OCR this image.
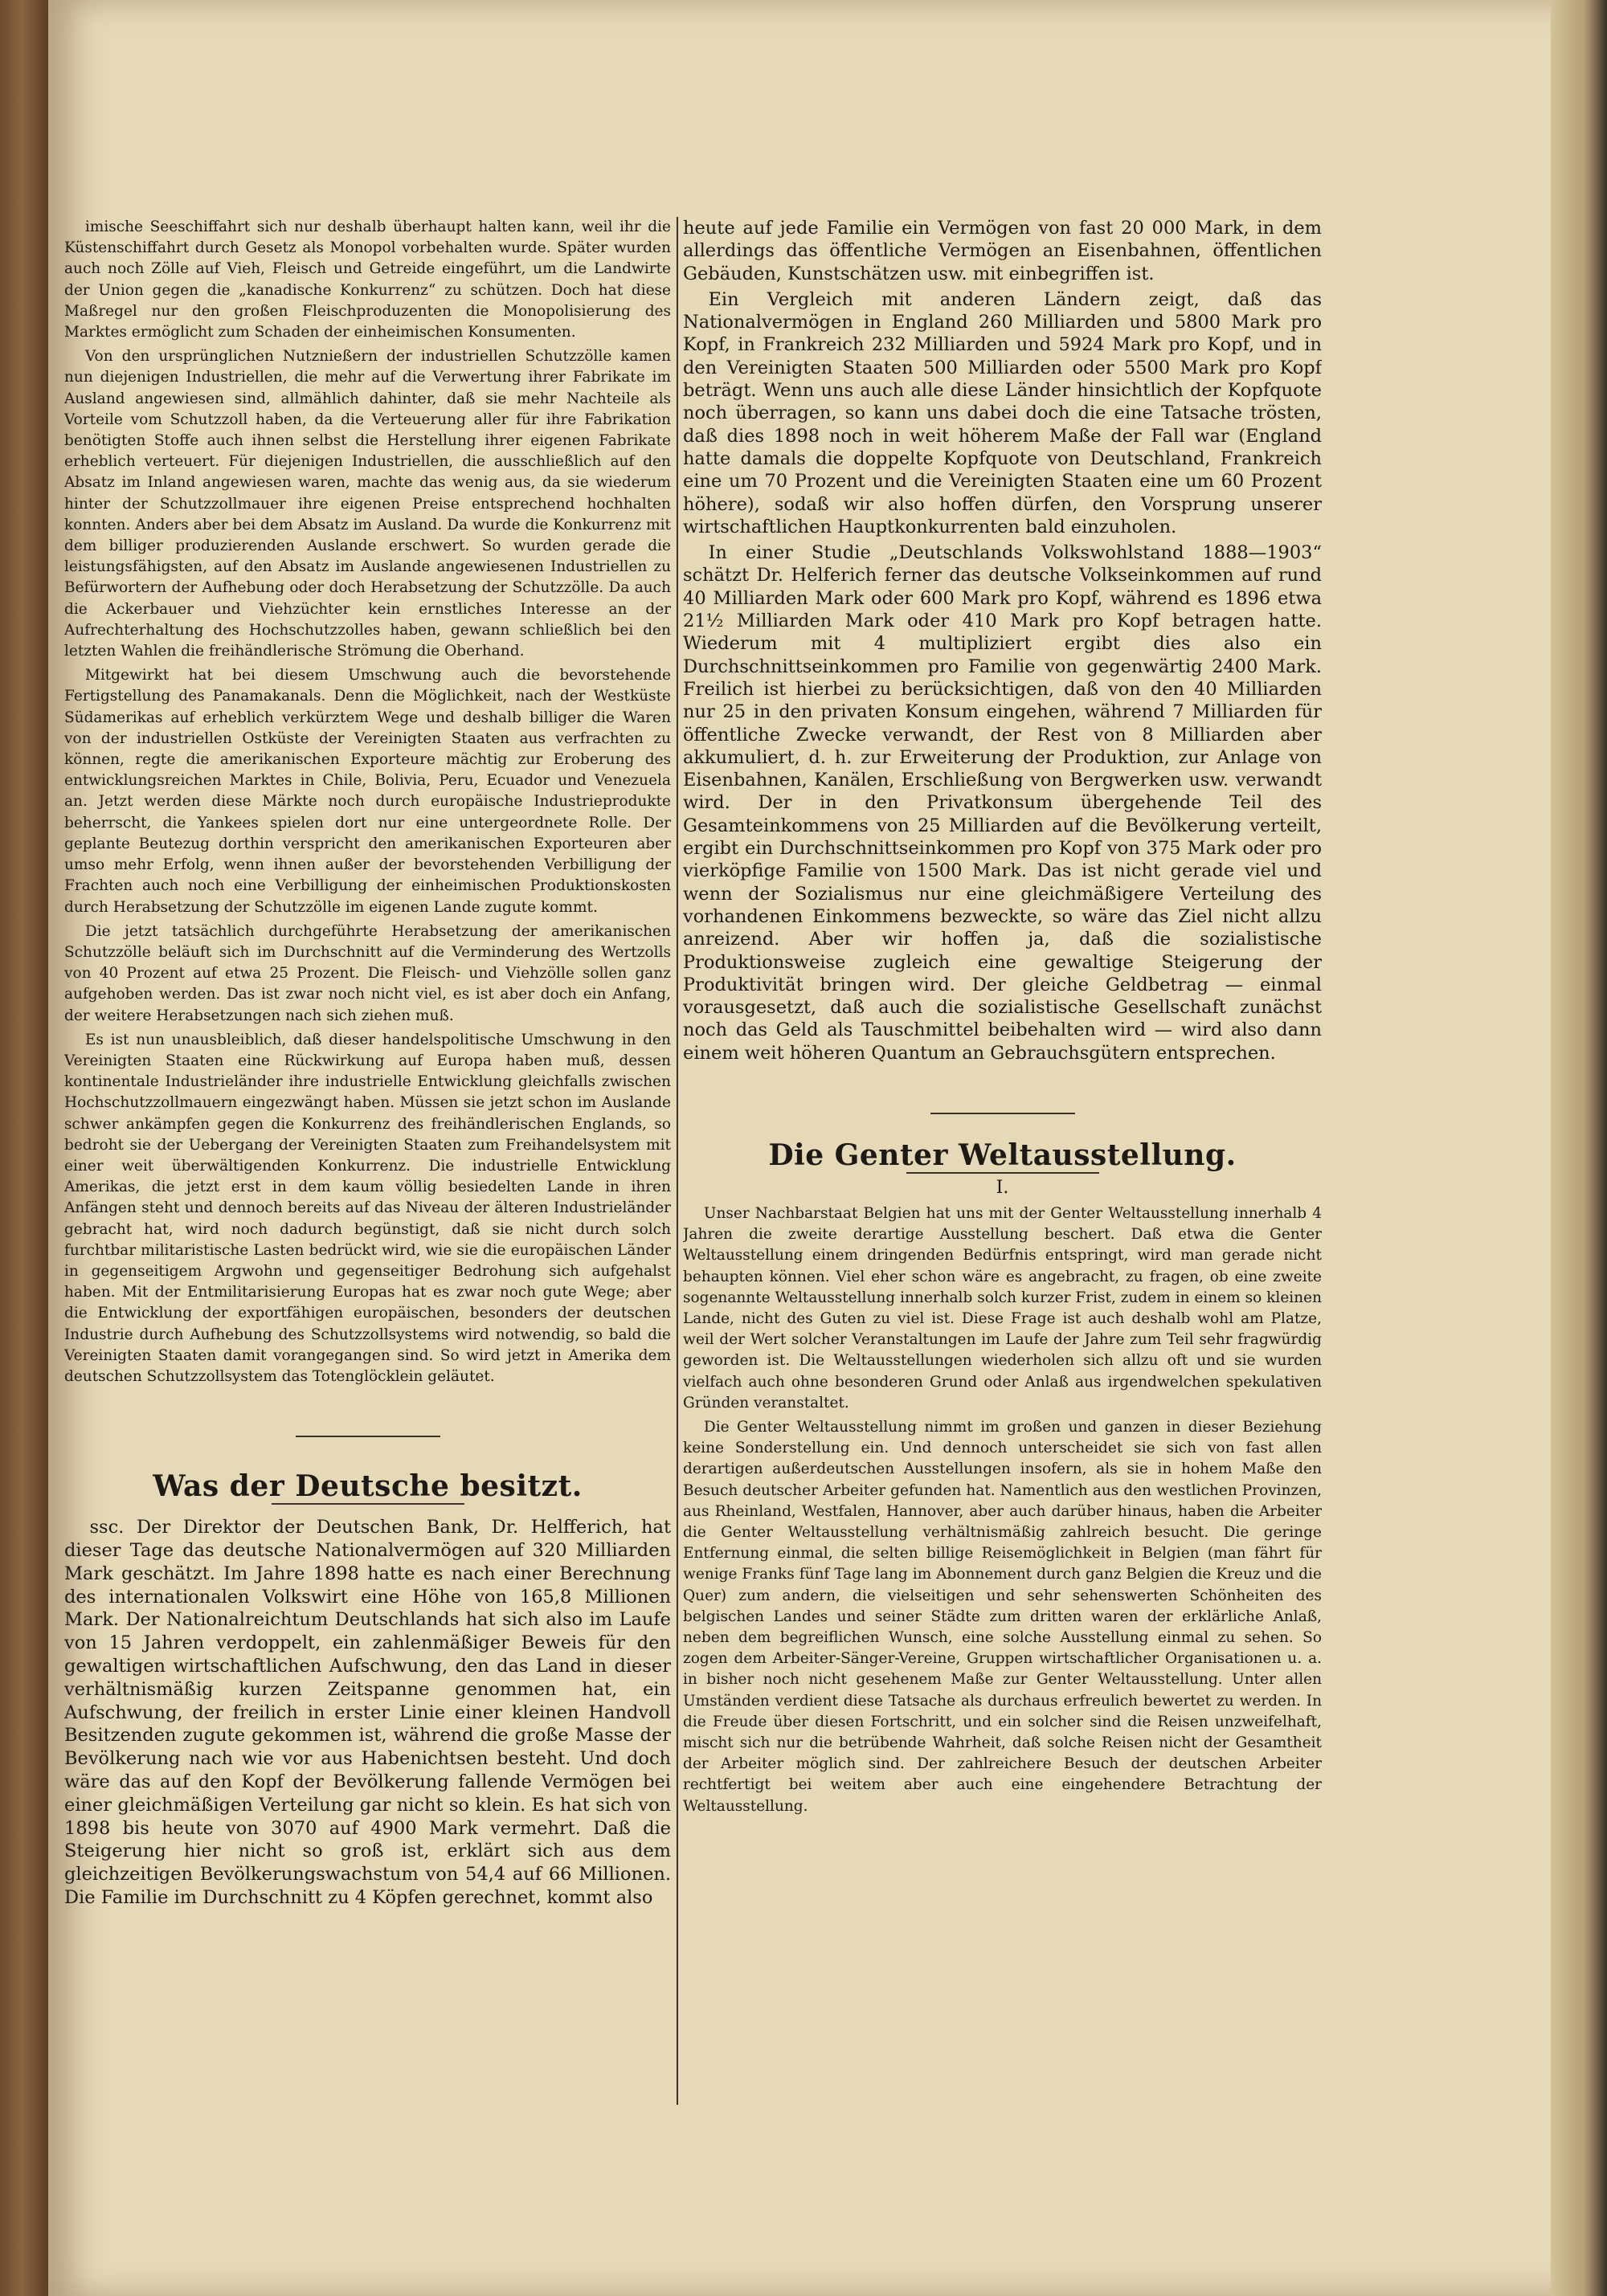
imische Seeschiffahrt sich nur deshalb überhaupt halten kann, weil ihr die Küstenschiffahrt durch Gesetz als Monopol vorbehalten wurde. Später wurden auch noch Zölle auf Vieh, Fleisch und Getreide eingeführt, um die Landwirte der Union gegen die „kanadische Konkurrenz“ zu schützen. Doch hat diese Maßregel nur den großen Fleischproduzenten die Monopolisierung des Marktes ermöglicht zum Schaden der einheimischen Konsumenten.

Von den ursprünglichen Nutznießern der industriellen Schutzzölle kamen nun diejenigen Industriellen, die mehr auf die Verwertung ihrer Fabrikate im Ausland angewiesen sind, allmählich dahinter, daß sie mehr Nachteile als Vorteile vom Schutzzoll haben, da die Verteuerung aller für ihre Fabrikation benötigten Stoffe auch ihnen selbst die Herstellung ihrer eigenen Fabrikate erheblich verteuert. Für diejenigen Industriellen, die ausschließlich auf den Absatz im Inland angewiesen waren, machte das wenig aus, da sie wiederum hinter der Schutzzollmauer ihre eigenen Preise entsprechend hochhalten konnten. Anders aber bei dem Absatz im Ausland. Da wurde die Konkurrenz mit dem billiger produzierenden Auslande erschwert. So wurden gerade die leistungsfähigsten, auf den Absatz im Auslande angewiesenen Industriellen zu Befürwortern der Aufhebung oder doch Herabsetzung der Schutzzölle. Da auch die Ackerbauer und Viehzüchter kein ernstliches Interesse an der Aufrechterhaltung des Hochschutzzolles haben, gewann schließlich bei den letzten Wahlen die freihändlerische Strömung die Oberhand.

Mitgewirkt hat bei diesem Umschwung auch die bevorstehende Fertigstellung des Panamakanals. Denn die Möglichkeit, nach der Westküste Südamerikas auf erheblich verkürztem Wege und deshalb billiger die Waren von der industriellen Ostküste der Vereinigten Staaten aus verfrachten zu können, regte die amerikanischen Exporteure mächtig zur Eroberung des entwicklungsreichen Marktes in Chile, Bolivia, Peru, Ecuador und Venezuela an. Jetzt werden diese Märkte noch durch europäische Industrieprodukte beherrscht, die Yankees spielen dort nur eine untergeordnete Rolle. Der geplante Beutezug dorthin verspricht den amerikanischen Exporteuren aber umso mehr Erfolg, wenn ihnen außer der bevorstehenden Verbilligung der Frachten auch noch eine Verbilligung der einheimischen Produktionskosten durch Herabsetzung der Schutzzölle im eigenen Lande zugute kommt.

Die jetzt tatsächlich durchgeführte Herabsetzung der amerikanischen Schutzzölle beläuft sich im Durchschnitt auf die Verminderung des Wertzolls von 40 Prozent auf etwa 25 Prozent. Die Fleisch- und Viehzölle sollen ganz aufgehoben werden. Das ist zwar noch nicht viel, es ist aber doch ein Anfang, der weitere Herabsetzungen nach sich ziehen muß.

Es ist nun unausbleiblich, daß dieser handelspolitische Umschwung in den Vereinigten Staaten eine Rückwirkung auf Europa haben muß, dessen kontinentale Industrieländer ihre industrielle Entwicklung gleichfalls zwischen Hochschutzzollmauern eingezwängt haben. Müssen sie jetzt schon im Auslande schwer ankämpfen gegen die Konkurrenz des freihändlerischen Englands, so bedroht sie der Uebergang der Vereinigten Staaten zum Freihandelsystem mit einer weit überwältigenden Konkurrenz. Die industrielle Entwicklung Amerikas, die jetzt erst in dem kaum völlig besiedelten Lande in ihren Anfängen steht und dennoch bereits auf das Niveau der älteren Industrieländer gebracht hat, wird noch dadurch begünstigt, daß sie nicht durch solch furchtbar militaristische Lasten bedrückt wird, wie sie die europäischen Länder in gegenseitigem Argwohn und gegenseitiger Bedrohung sich aufgehalst haben. Mit der Entmilitarisierung Europas hat es zwar noch gute Wege; aber die Entwicklung der exportfähigen europäischen, besonders der deutschen Industrie durch Aufhebung des Schutzzollsystems wird notwendig, so bald die Vereinigten Staaten damit vorangegangen sind. So wird jetzt in Amerika dem deutschen Schutzzollsystem das Totenglöcklein geläutet.

Was der Deutsche besitzt.

ssc. Der Direktor der Deutschen Bank, Dr. Helfferich, hat dieser Tage das deutsche Nationalvermögen auf 320 Milliarden Mark geschätzt. Im Jahre 1898 hatte es nach einer Berechnung des internationalen Volkswirt eine Höhe von 165,8 Millionen Mark. Der Nationalreichtum Deutschlands hat sich also im Laufe von 15 Jahren verdoppelt, ein zahlenmäßiger Beweis für den gewaltigen wirtschaftlichen Aufschwung, den das Land in dieser verhältnismäßig kurzen Zeitspanne genommen hat, ein Aufschwung, der freilich in erster Linie einer kleinen Handvoll Besitzenden zugute gekommen ist, während die große Masse der Bevölkerung nach wie vor aus Habenichtsen besteht. Und doch wäre das auf den Kopf der Bevölkerung fallende Vermögen bei einer gleichmäßigen Verteilung gar nicht so klein. Es hat sich von 1898 bis heute von 3070 auf 4900 Mark vermehrt. Daß die Steigerung hier nicht so groß ist, erklärt sich aus dem gleichzeitigen Bevölkerungswachstum von 54,4 auf 66 Millionen. Die Familie im Durchschnitt zu 4 Köpfen gerechnet, kommt also

heute auf jede Familie ein Vermögen von fast 20 000 Mark, in dem allerdings das öffentliche Vermögen an Eisenbahnen, öffentlichen Gebäuden, Kunstschätzen usw. mit einbegriffen ist.

Ein Vergleich mit anderen Ländern zeigt, daß das Nationalvermögen in England 260 Milliarden und 5800 Mark pro Kopf, in Frankreich 232 Milliarden und 5924 Mark pro Kopf, und in den Vereinigten Staaten 500 Milliarden oder 5500 Mark pro Kopf beträgt. Wenn uns auch alle diese Länder hinsichtlich der Kopfquote noch überragen, so kann uns dabei doch die eine Tatsache trösten, daß dies 1898 noch in weit höherem Maße der Fall war (England hatte damals die doppelte Kopfquote von Deutschland, Frankreich eine um 70 Prozent und die Vereinigten Staaten eine um 60 Prozent höhere), sodaß wir also hoffen dürfen, den Vorsprung unserer wirtschaftlichen Hauptkonkurrenten bald einzuholen.

In einer Studie „Deutschlands Volkswohlstand 1888—1903“ schätzt Dr. Helferich ferner das deutsche Volkseinkommen auf rund 40 Milliarden Mark oder 600 Mark pro Kopf, während es 1896 etwa 21½ Milliarden Mark oder 410 Mark pro Kopf betragen hatte. Wiederum mit 4 multipliziert ergibt dies also ein Durchschnittseinkommen pro Familie von gegenwärtig 2400 Mark. Freilich ist hierbei zu berücksichtigen, daß von den 40 Milliarden nur 25 in den privaten Konsum eingehen, während 7 Milliarden für öffentliche Zwecke verwandt, der Rest von 8 Milliarden aber akkumuliert, d. h. zur Erweiterung der Produktion, zur Anlage von Eisenbahnen, Kanälen, Erschließung von Bergwerken usw. verwandt wird. Der in den Privatkonsum übergehende Teil des Gesamteinkommens von 25 Milliarden auf die Bevölkerung verteilt, ergibt ein Durchschnittseinkommen pro Kopf von 375 Mark oder pro vierköpfige Familie von 1500 Mark. Das ist nicht gerade viel und wenn der Sozialismus nur eine gleichmäßigere Verteilung des vorhandenen Einkommens bezweckte, so wäre das Ziel nicht allzu anreizend. Aber wir hoffen ja, daß die sozialistische Produktionsweise zugleich eine gewaltige Steigerung der Produktivität bringen wird. Der gleiche Geldbetrag — einmal vorausgesetzt, daß auch die sozialistische Gesellschaft zunächst noch das Geld als Tauschmittel beibehalten wird — wird also dann einem weit höheren Quantum an Gebrauchsgütern entsprechen.

Die Genter Weltausstellung.
I.

Unser Nachbarstaat Belgien hat uns mit der Genter Weltausstellung innerhalb 4 Jahren die zweite derartige Ausstellung beschert. Daß etwa die Genter Weltausstellung einem dringenden Bedürfnis entspringt, wird man gerade nicht behaupten können. Viel eher schon wäre es angebracht, zu fragen, ob eine zweite sogenannte Weltausstellung innerhalb solch kurzer Frist, zudem in einem so kleinen Lande, nicht des Guten zu viel ist. Diese Frage ist auch deshalb wohl am Platze, weil der Wert solcher Veranstaltungen im Laufe der Jahre zum Teil sehr fragwürdig geworden ist. Die Weltausstellungen wiederholen sich allzu oft und sie wurden vielfach auch ohne besonderen Grund oder Anlaß aus irgendwelchen spekulativen Gründen veranstaltet.

Die Genter Weltausstellung nimmt im großen und ganzen in dieser Beziehung keine Sonderstellung ein. Und dennoch unterscheidet sie sich von fast allen derartigen außerdeutschen Ausstellungen insofern, als sie in hohem Maße den Besuch deutscher Arbeiter gefunden hat. Namentlich aus den westlichen Provinzen, aus Rheinland, Westfalen, Hannover, aber auch darüber hinaus, haben die Arbeiter die Genter Weltausstellung verhältnismäßig zahlreich besucht. Die geringe Entfernung einmal, die selten billige Reisemöglichkeit in Belgien (man fährt für wenige Franks fünf Tage lang im Abonnement durch ganz Belgien die Kreuz und die Quer) zum andern, die vielseitigen und sehr sehenswerten Schönheiten des belgischen Landes und seiner Städte zum dritten waren der erklärliche Anlaß, neben dem begreiflichen Wunsch, eine solche Ausstellung einmal zu sehen. So zogen dem Arbeiter-Sänger-Vereine, Gruppen wirtschaftlicher Organisationen u. a. in bisher noch nicht gesehenem Maße zur Genter Weltausstellung. Unter allen Umständen verdient diese Tatsache als durchaus erfreulich bewertet zu werden. In die Freude über diesen Fortschritt, und ein solcher sind die Reisen unzweifelhaft, mischt sich nur die betrübende Wahrheit, daß solche Reisen nicht der Gesamtheit der Arbeiter möglich sind. Der zahlreichere Besuch der deutschen Arbeiter rechtfertigt bei weitem aber auch eine eingehendere Betrachtung der Weltausstellung.
